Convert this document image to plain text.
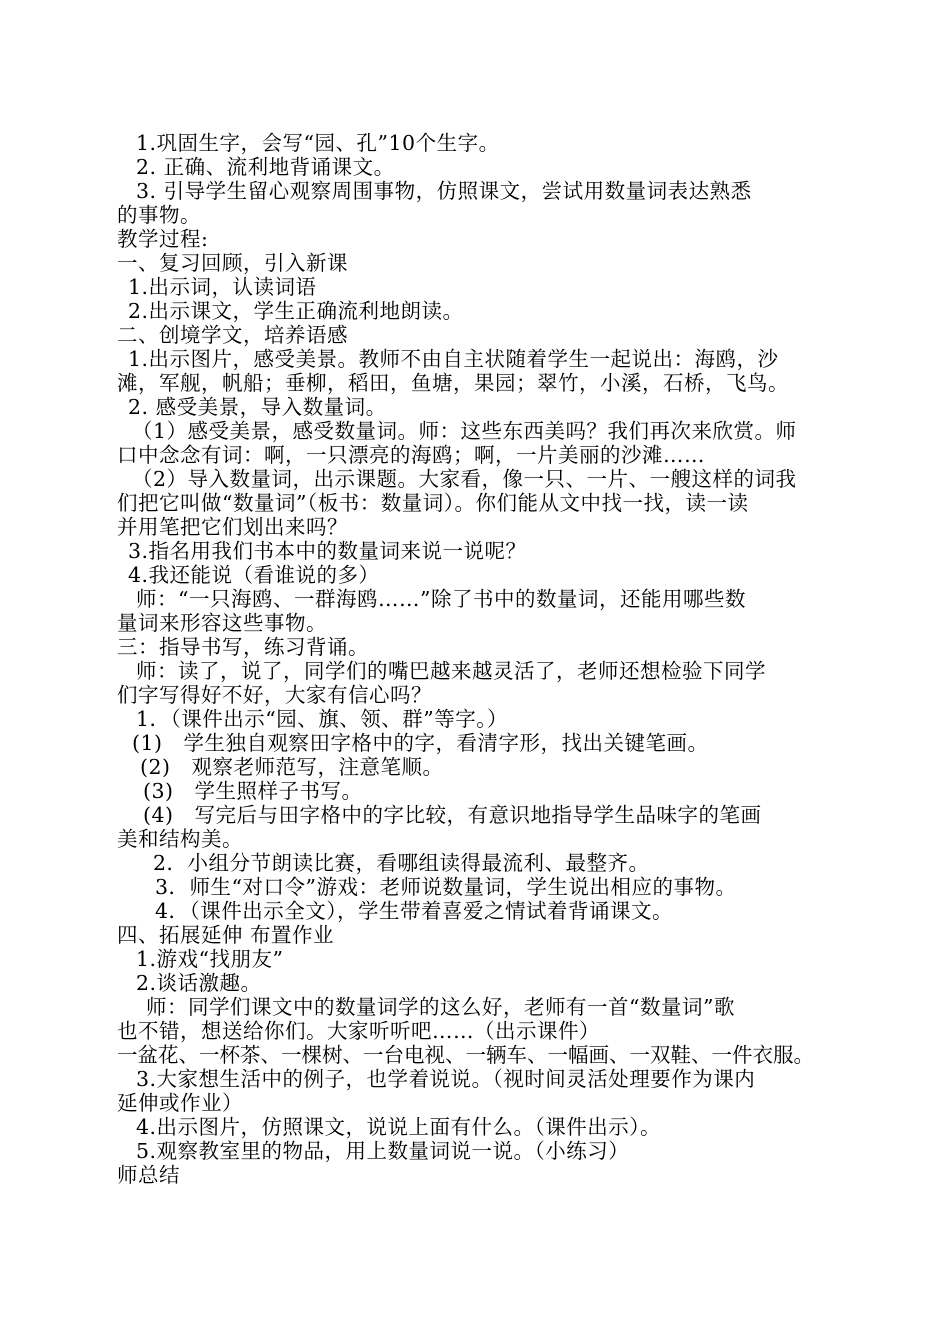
1.巩固生字，会写“园、孔”10个生字。
2. 正确、流利地背诵课文。
3. 引导学生留心观察周围事物，仿照课文，尝试用数量词表达熟悉
的事物。
教学过程:
一、复习回顾，引入新课
1.出示词，认读词语
2.出示课文，学生正确流利地朗读。
二、创境学文，培养语感
1.出示图片，感受美景。教师不由自主状随着学生一起说出：海鸥，沙
滩，军舰，帆船；垂柳，稻田，鱼塘，果园；翠竹，小溪，石桥，飞鸟。
2. 感受美景，导入数量词。
（1）感受美景，感受数量词。师：这些东西美吗？我们再次来欣赏。师
口中念念有词：啊，一只漂亮的海鸥；啊，一片美丽的沙滩……
（2）导入数量词，出示课题。大家看，像一只、一片、一艘这样的词我
们把它叫做“数量词”（板书：数量词）。你们能从文中找一找，读一读
并用笔把它们划出来吗？
3.指名用我们书本中的数量词来说一说呢？
4.我还能说（看谁说的多）
师：“一只海鸥、一群海鸥……”除了书中的数量词，还能用哪些数
量词来形容这些事物。
三：指导书写，练习背诵。
师：读了，说了，同学们的嘴巴越来越灵活了，老师还想检验下同学
们字写得好不好，大家有信心吗？
1．（课件出示“园、旗、领、群”等字。）
(1)　学生独自观察田字格中的字，看清字形，找出关键笔画。
(2)　观察老师范写，注意笔顺。
(3)　学生照样子书写。
(4)　写完后与田字格中的字比较，有意识地指导学生品味字的笔画
美和结构美。
2．小组分节朗读比赛，看哪组读得最流利、最整齐。
3．师生“对口令”游戏：老师说数量词，学生说出相应的事物。
4．（课件出示全文），学生带着喜爱之情试着背诵课文。
四、拓展延伸 布置作业
1.游戏“找朋友”
2.谈话激趣。
师：同学们课文中的数量词学的这么好，老师有一首“数量词”歌
也不错，想送给你们。大家听听吧……（出示课件）
一盆花、一杯茶、一棵树、一台电视、一辆车、一幅画、一双鞋、一件衣服。
3.大家想生活中的例子，也学着说说。（视时间灵活处理要作为课内
延伸或作业）
4.出示图片，仿照课文，说说上面有什么。（课件出示）。
5.观察教室里的物品，用上数量词说一说。（小练习）
师总结
